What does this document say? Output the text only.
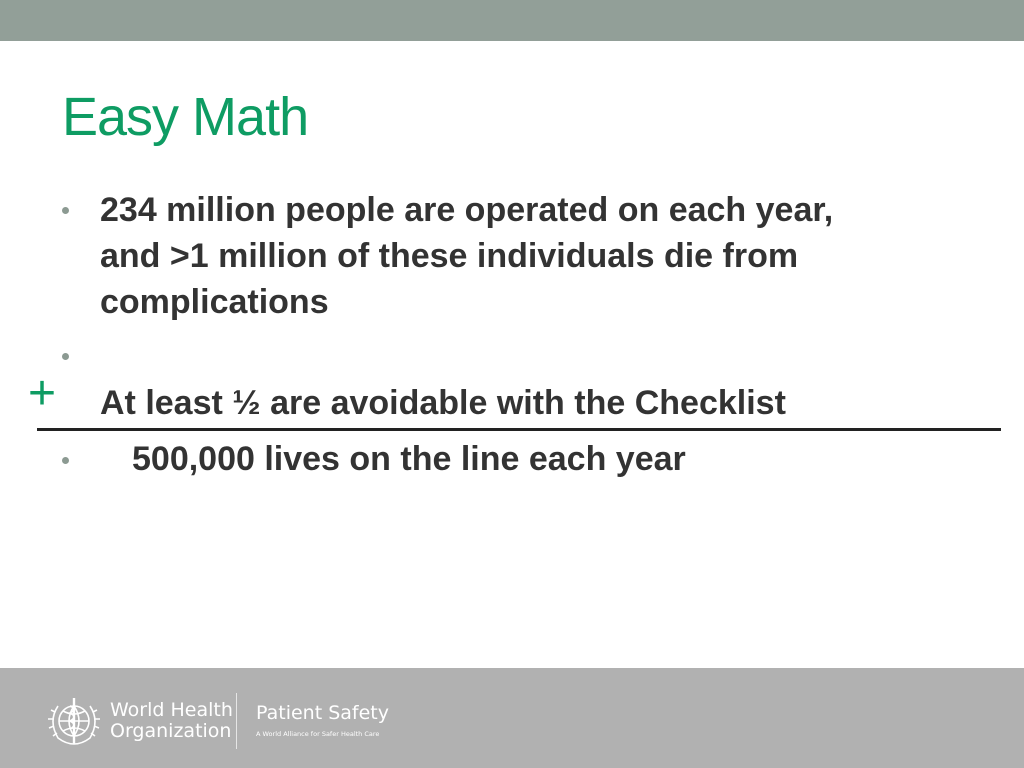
Easy Math

234 million people are operated on each year,
and >1 million of these individuals die from
complications

+ At least ½ are avoidable with the Checklist

500,000 lives on the line each year

World Health
Organization
Patient Safety
A World Alliance for Safer Health Care
